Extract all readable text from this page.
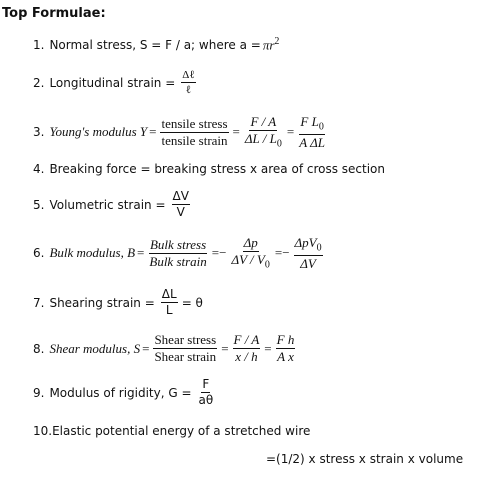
Top Formulae:
1. Normal stress, S = F / a; where $a = \pi r^2$
2. Longitudinal strain = $\frac{\text{Δℓ}}{\text{ℓ}}$
3. Young's modulus $Y = \frac{\text{tensile stress}}{\text{tensile strain}} = \frac{F / A}{\Delta L / L_0} = \frac{F L_0}{\text{A ΔL}}$
4. Breaking force = breaking stress x area of cross section
5. Volumetric strain = $\frac{\Delta V}{V}$
6. Bulk modulus, $B = \frac{\text{Bulk stress}}{\text{Bulk strain}} =- \frac{\Delta p}{\Delta V / V_0} =- \frac{\Delta pV_0}{\Delta V}$
7. Shearing strain = $\frac{\Delta L}{L} = \theta$
8. Shear modulus, $S = \frac{\text{Shear stress}}{\text{Shear strain}} = \frac{F / A}{x / h} = \frac{\text{F h}}{\text{A x}}$
9. Modulus of rigidity, $G = \frac{F}{a\theta}$
10. Elastic potential energy of a stretched wire
=(1/2) x stress x strain x volume
